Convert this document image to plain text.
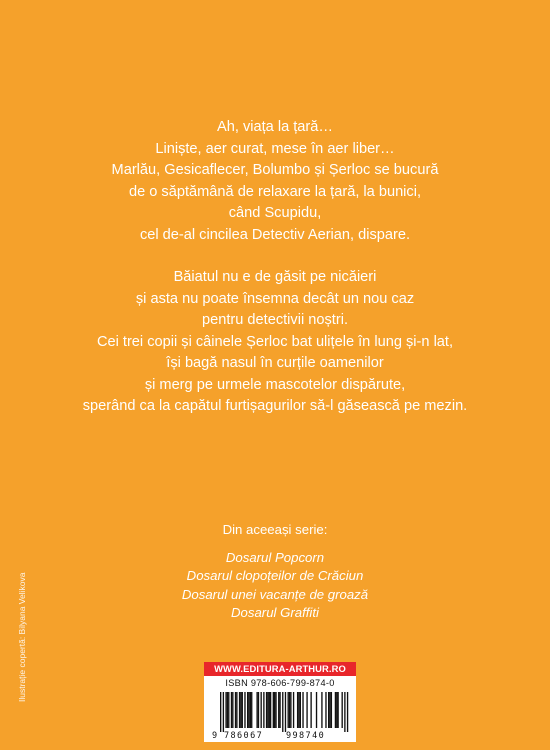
Ah, viața la țară…

Liniște, aer curat, mese în aer liber…

Marlău, Gesicaflecer, Bolumbo și Șerloc se bucură

de o săptămână de relaxare la țară, la bunici,

când Scupidu,

cel de-al cincilea Detectiv Aerian, dispare.

Băiatul nu e de găsit pe nicăieri

și asta nu poate însemna decât un nou caz

pentru detectivii noștri.

Cei trei copii și câinele Șerloc bat ulițele în lung și-n lat,

își bagă nasul în curțile oamenilor

și merg pe urmele mascotelor dispărute,

sperând ca la capătul furtișagurilor să-l găsească pe mezin.

Din aceeași serie:

Dosarul Popcorn
Dosarul clopoțeilor de Crăciun
Dosarul unei vacanțe de groază
Dosarul Graffiti
Ilustrație copertă: Bilyana Velikova	WWW.EDITURA-ARTHUR.RO
ISBN 978-606-799-874-0
9 786067	998740
